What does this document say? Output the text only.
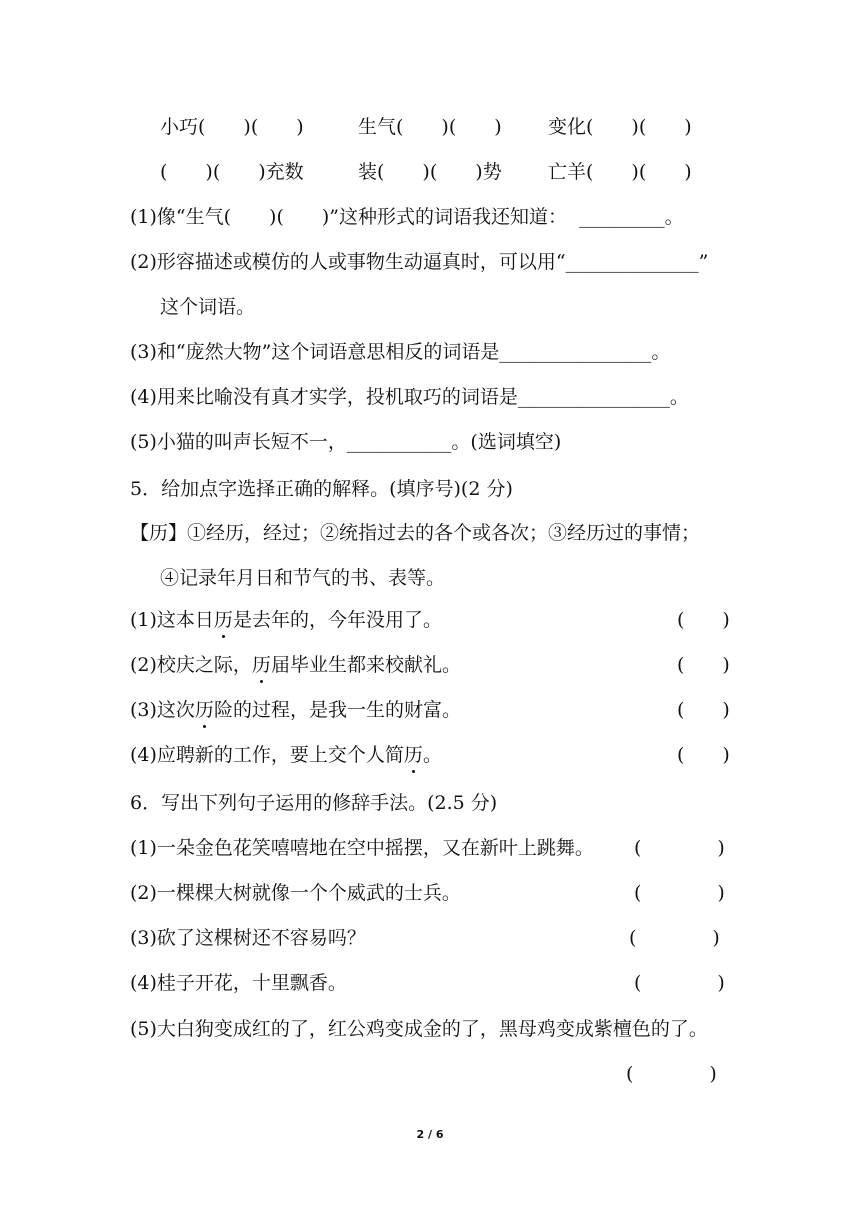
小巧(　　)(　　)	生气(　　)(　　) 变化(　　)(　　)
(　　)(　　)充数	装(　　)(　　)势 亡羊(　　)(　　)
(1)像“生气(　　)(　　)”这种形式的词语我还知道：  _________。
(2)形容描述或模仿的人或事物生动逼真时，可以用“______________”
这个词语。
(3)和“庞然大物”这个词语意思相反的词语是________________。
(4)用来比喻没有真才实学，投机取巧的词语是________________。
(5)小猫的叫声长短不一，___________。(选词填空)
5．给加点字选择正确的解释。(填序号)(2 分)
【历】①经历，经过；②统指过去的各个或各次；③经历过的事情；
④记录年月日和节气的书、表等。
(1)这本日历是去年的，今年没用了。	(　　)
(2)校庆之际，历届毕业生都来校献礼。	(　　)
(3)这次历险的过程，是我一生的财富。	(　　)
(4)应聘新的工作，要上交个人简历。	(　　)
6．写出下列句子运用的修辞手法。(2.5 分)
(1)一朵金色花笑嘻嘻地在空中摇摆，又在新叶上跳舞。 (　　　　)
(2)一棵棵大树就像一个个威武的士兵。	(　　　　)
(3)砍了这棵树还不容易吗？	(　　　　)
(4)桂子开花，十里飘香。	(　　　　)
(5)大白狗变成红的了，红公鸡变成金的了，黑母鸡变成紫檀色的了。
(　　　　)
2 / 6
